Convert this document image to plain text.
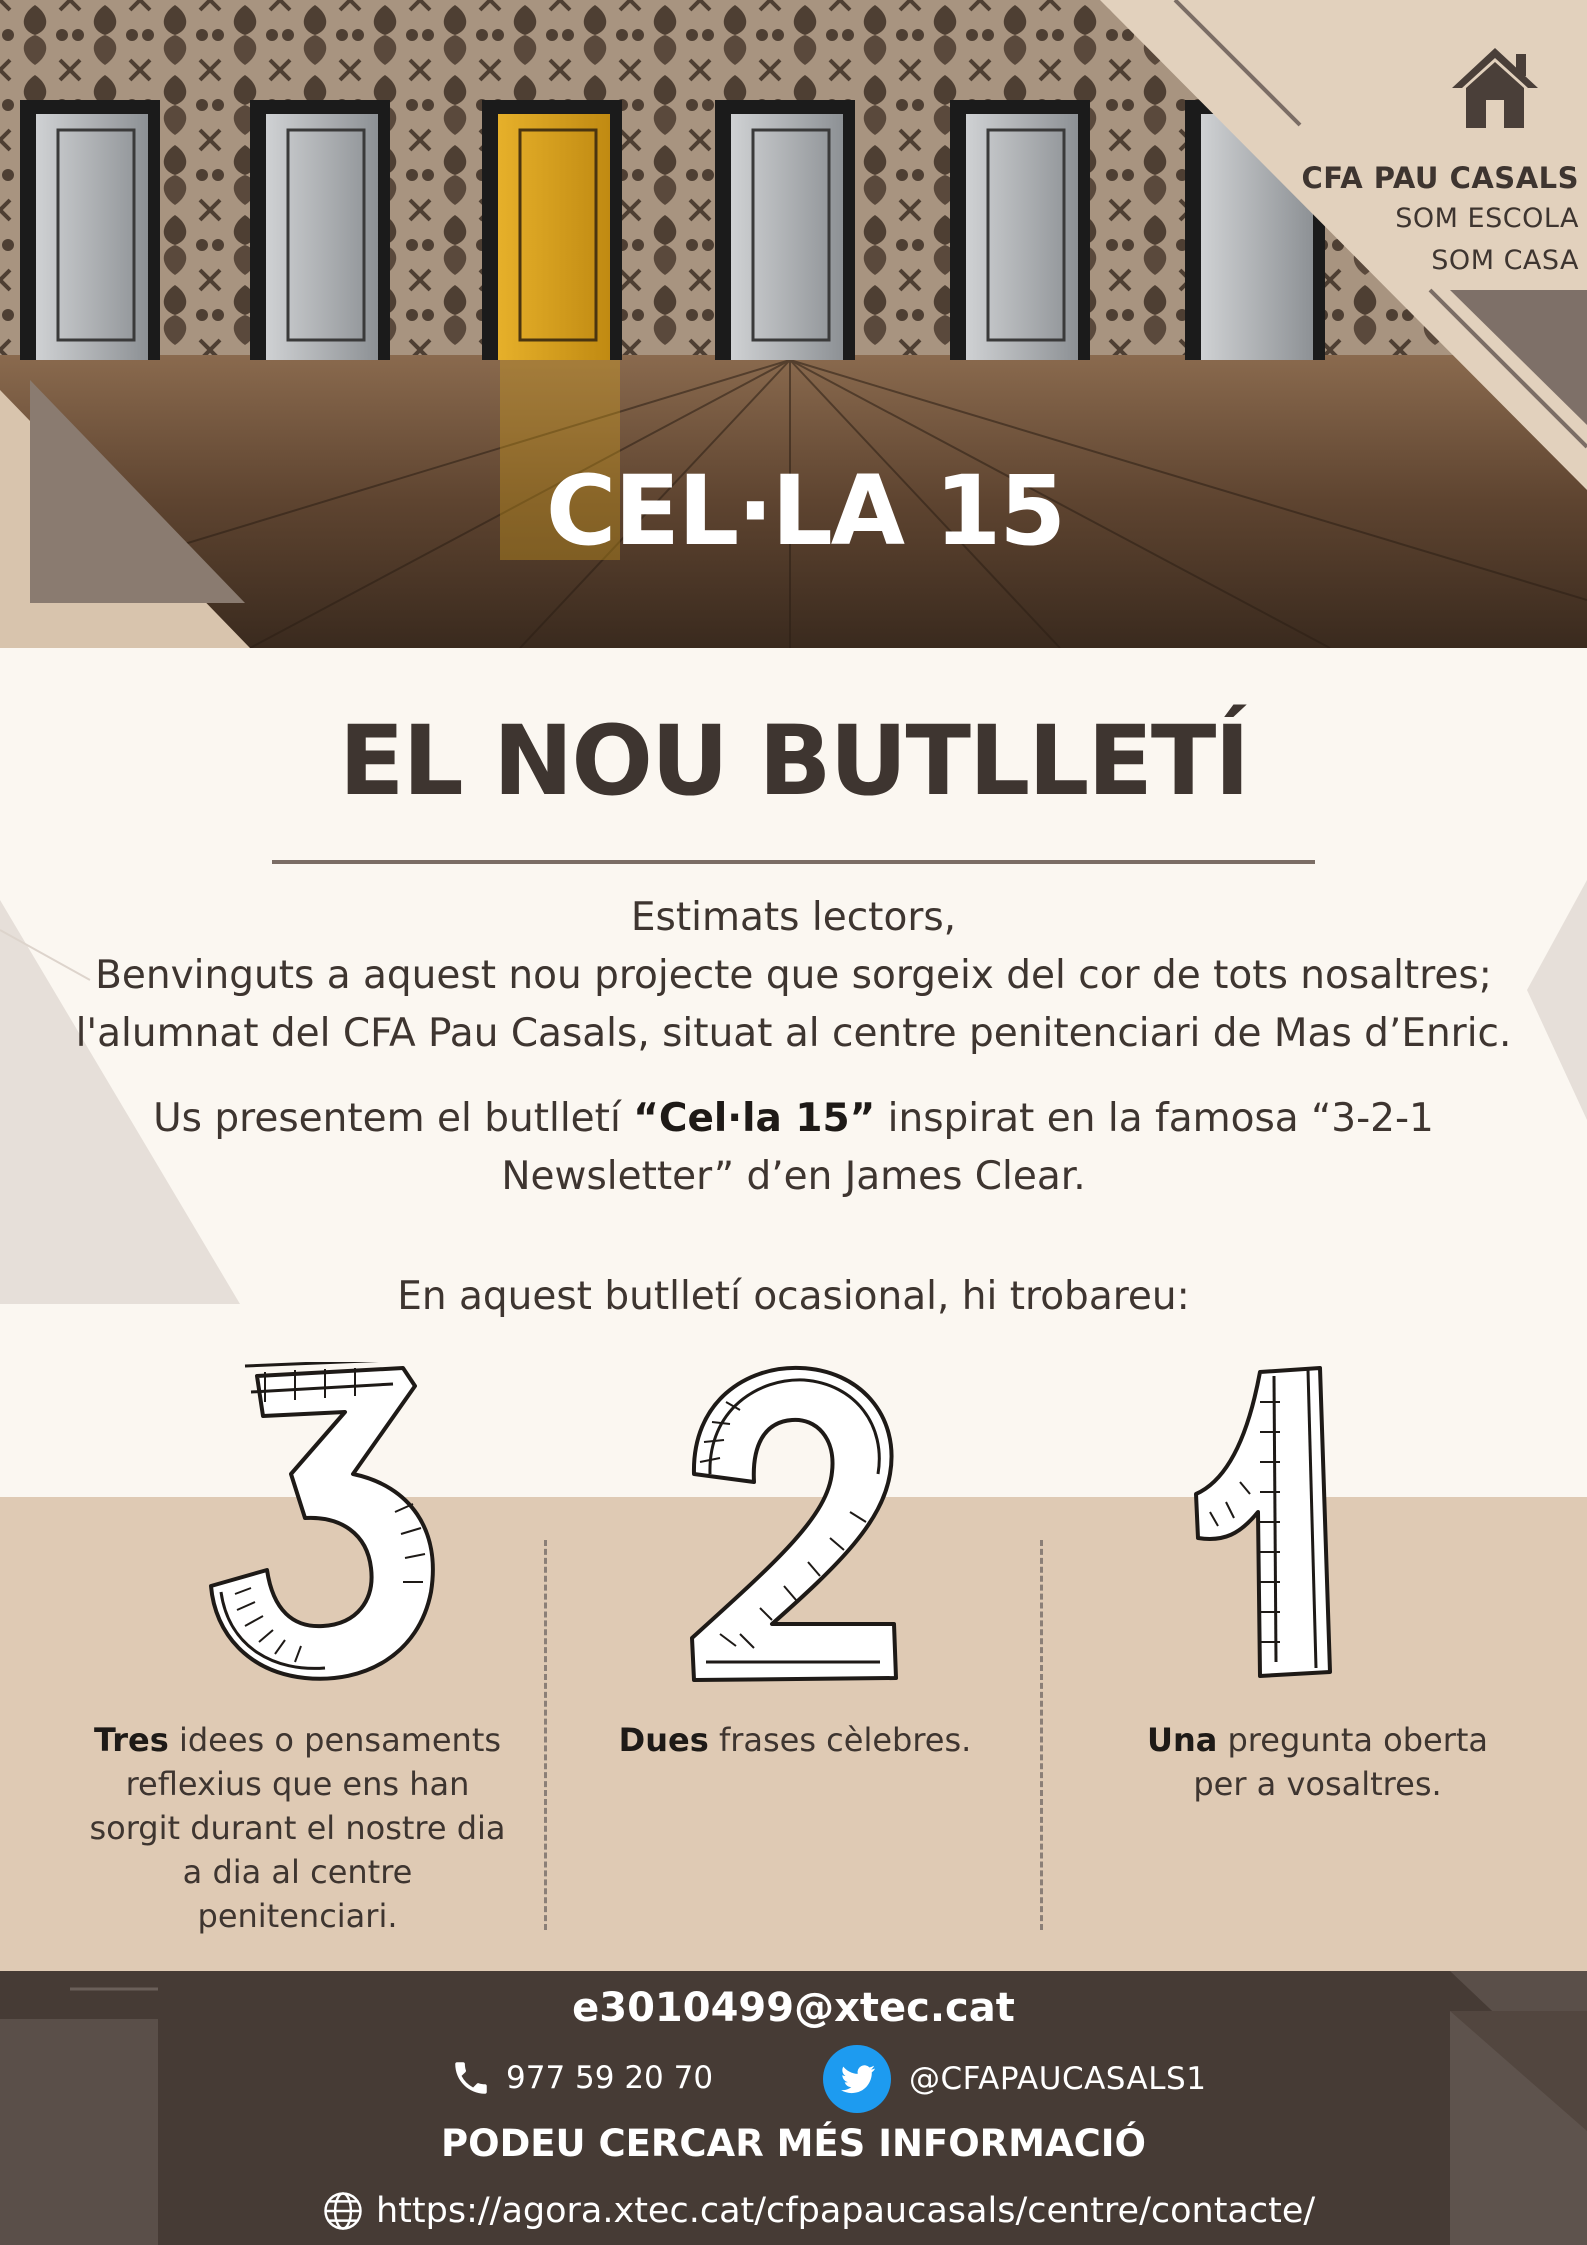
CEL·LA 15
CFA PAU CASALS
SOM ESCOLA
SOM CASA
EL NOU BUTLLETÍ
Estimats lectors,
Benvinguts a aquest nou projecte que sorgeix del cor de tots nosaltres;
l'alumnat del CFA Pau Casals, situat al centre penitenciari de Mas d’Enric.
Us presentem el butlletí “Cel·la 15” inspirat en la famosa “3-2-1
Newsletter” d’en James Clear.
En aquest butlletí ocasional, hi trobareu:
Tres idees o pensaments
reflexius que ens han
sorgit durant el nostre dia
a dia al centre
penitenciari.
Dues frases cèlebres.	Una pregunta oberta
per a vosaltres.
e3010499@xtec.cat
977 59 20 70	@CFAPAUCASALS1
PODEU CERCAR MÉS INFORMACIÓ
https://agora.xtec.cat/cfpapaucasals/centre/contacte/
